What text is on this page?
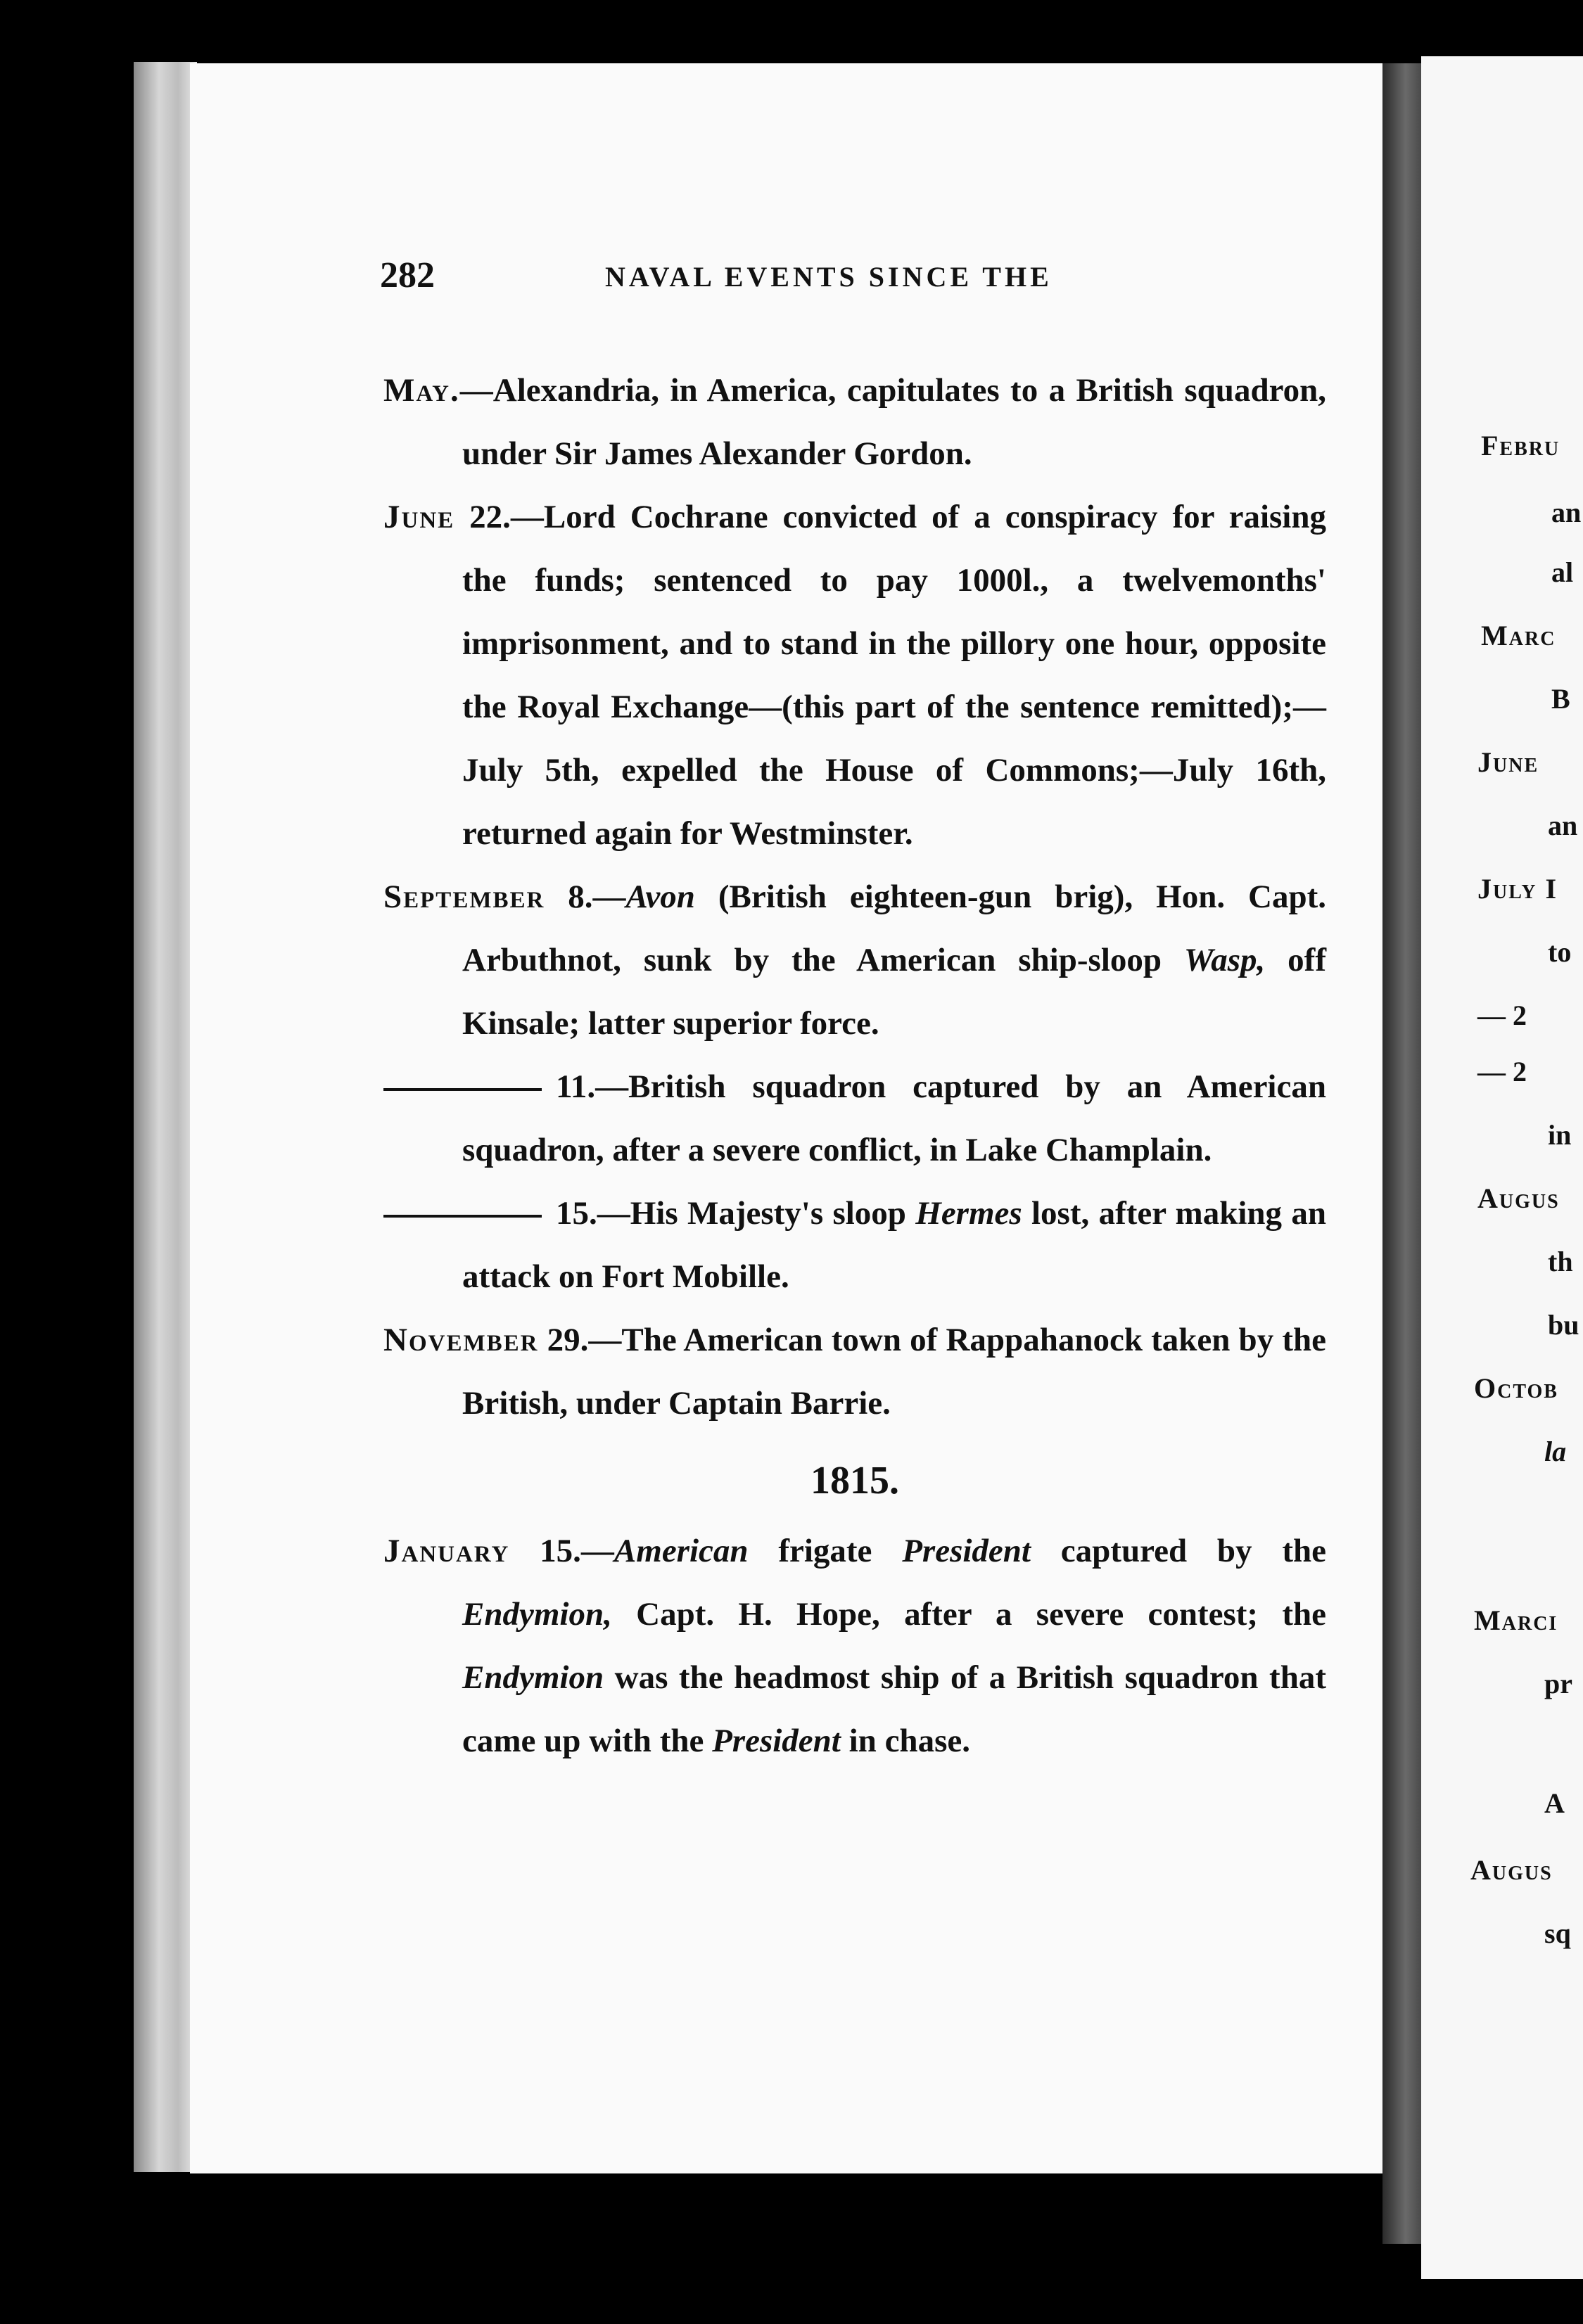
282	NAVAL EVENTS SINCE THE

May.—Alexandria, in America, capitulates to a British squadron, under Sir James Alexander Gordon.

June 22.—Lord Cochrane convicted of a conspiracy for raising the funds; sentenced to pay 1000l., a twelvemonths' imprisonment, and to stand in the pillory one hour, opposite the Royal Exchange—(this part of the sentence remitted);—July 5th, expelled the House of Commons;—July 16th, returned again for Westminster.

September 8.—Avon (British eighteen-gun brig), Hon. Capt. Arbuthnot, sunk by the American ship-sloop Wasp, off Kinsale; latter superior force.

11.—British squadron captured by an American squadron, after a severe conflict, in Lake Champlain.

15.—His Majesty's sloop Hermes lost, after making an attack on Fort Mobille.

November 29.—The American town of Rappahanock taken by the British, under Captain Barrie.

1815.

January 15.—American frigate President captured by the Endymion, Capt. H. Hope, after a severe contest; the Endymion was the headmost ship of a British squadron that came up with the President in chase.

Febru
an
al
Marc
B
June
an
July I
to
— 2
— 2
in
Augus
th
bu
Octob
la
Marci
pr
A
Augus
sq
